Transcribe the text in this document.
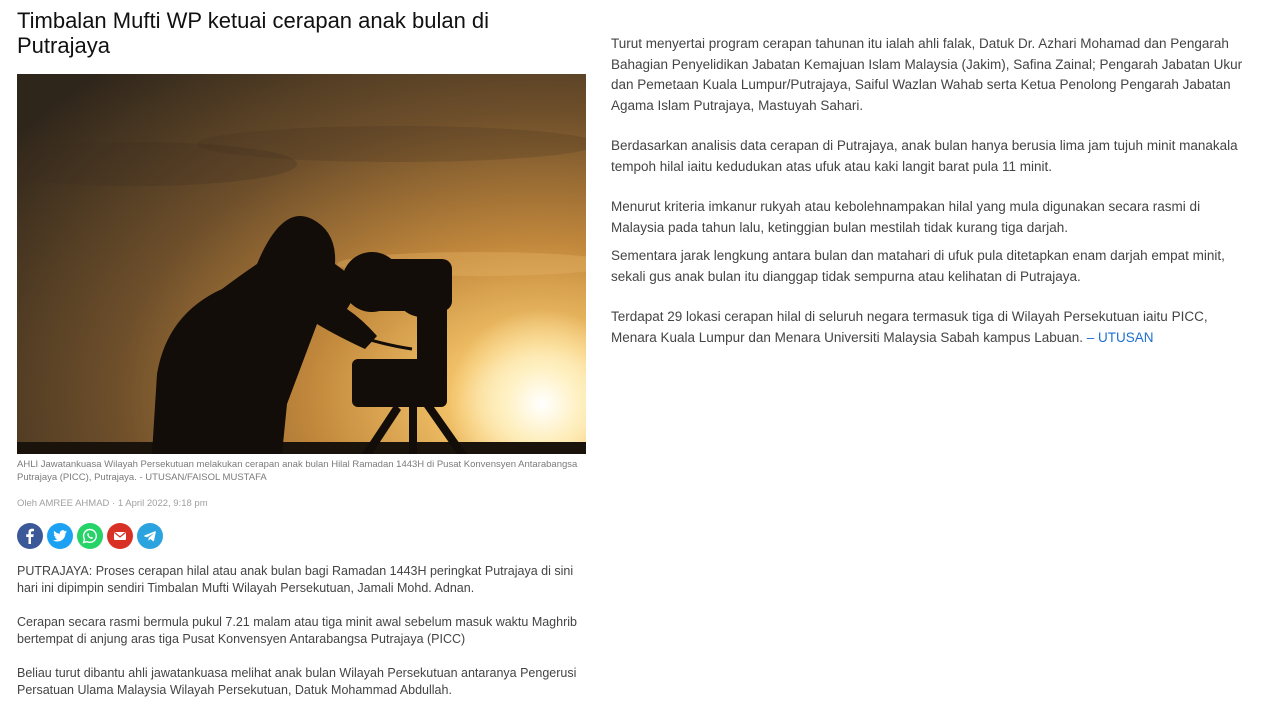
Timbalan Mufti WP ketuai cerapan anak bulan di Putrajaya
AHLI Jawatankuasa Wilayah Persekutuan melakukan cerapan anak bulan Hilal Ramadan 1443H di Pusat Konvensyen Antarabangsa Putrajaya (PICC), Putrajaya. - UTUSAN/FAISOL MUSTAFA
Oleh AMREE AHMAD · 1 April 2022, 9:18 pm

PUTRAJAYA: Proses cerapan hilal atau anak bulan bagi Ramadan 1443H peringkat Putrajaya di sini hari ini dipimpin sendiri Timbalan Mufti Wilayah Persekutuan, Jamali Mohd. Adnan.

Cerapan secara rasmi bermula pukul 7.21 malam atau tiga minit awal sebelum masuk waktu Maghrib bertempat di anjung aras tiga Pusat Konvensyen Antarabangsa Putrajaya (PICC)

Beliau turut dibantu ahli jawatankuasa melihat anak bulan Wilayah Persekutuan antaranya Pengerusi Persatuan Ulama Malaysia Wilayah Persekutuan, Datuk Mohammad Abdullah.

Turut menyertai program cerapan tahunan itu ialah ahli falak, Datuk Dr. Azhari Mohamad dan Pengarah Bahagian Penyelidikan Jabatan Kemajuan Islam Malaysia (Jakim), Safina Zainal; Pengarah Jabatan Ukur dan Pemetaan Kuala Lumpur/Putrajaya, Saiful Wazlan Wahab serta Ketua Penolong Pengarah Jabatan Agama Islam Putrajaya, Mastuyah Sahari.

Berdasarkan analisis data cerapan di Putrajaya, anak bulan hanya berusia lima jam tujuh minit manakala tempoh hilal iaitu kedudukan atas ufuk atau kaki langit barat pula 11 minit.

Menurut kriteria imkanur rukyah atau kebolehnampakan hilal yang mula digunakan secara rasmi di Malaysia pada tahun lalu, ketinggian bulan mestilah tidak kurang tiga darjah.

Sementara jarak lengkung antara bulan dan matahari di ufuk pula ditetapkan enam darjah empat minit, sekali gus anak bulan itu dianggap tidak sempurna atau kelihatan di Putrajaya.

Terdapat 29 lokasi cerapan hilal di seluruh negara termasuk tiga di Wilayah Persekutuan iaitu PICC, Menara Kuala Lumpur dan Menara Universiti Malaysia Sabah kampus Labuan. – UTUSAN
